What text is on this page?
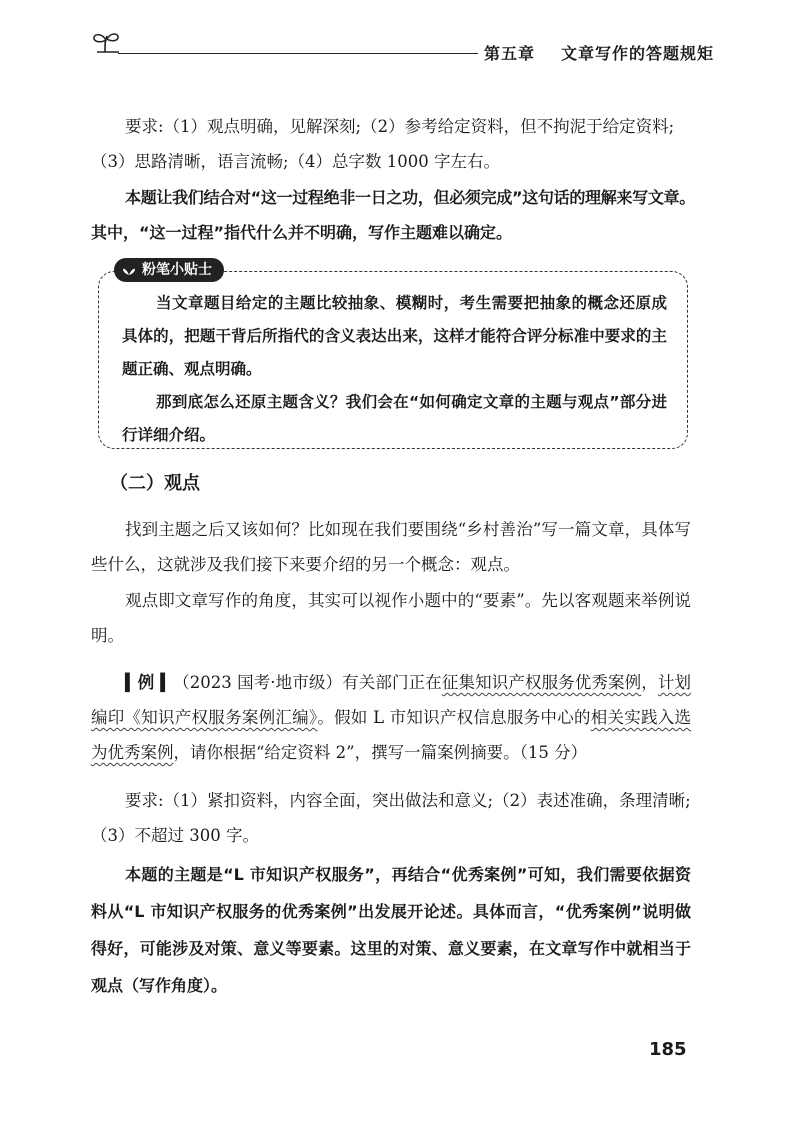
第五章 文章写作的答题规矩
要求:（1）观点明确，见解深刻;（2）参考给定资料，但不拘泥于给定资料;
（3）思路清晰，语言流畅;（4）总字数 1000 字左右。
本题让我们结合对“这一过程绝非一日之功，但必须完成”这句话的理解来写文章。
其中，“这一过程”指代什么并不明确，写作主题难以确定。
粉笔小贴士
当文章题目给定的主题比较抽象、模糊时，考生需要把抽象的概念还原成具体的，把题干背后所指代的含义表达出来，这样才能符合评分标准中要求的主题正确、观点明确。
那到底怎么还原主题含义？我们会在“如何确定文章的主题与观点”部分进行详细介绍。
（二）观点
找到主题之后又该如何？比如现在我们要围绕“乡村善治”写一篇文章，具体写些什么，这就涉及我们接下来要介绍的另一个概念：观点。
观点即文章写作的角度，其实可以视作小题中的“要素”。先以客观题来举例说明。
▍例 ▍（2023 国考·地市级）有关部门正在征集知识产权服务优秀案例，计划编印《知识产权服务案例汇编》。假如 L 市知识产权信息服务中心的相关实践入选为优秀案例，请你根据“给定资料 2”，撰写一篇案例摘要。（15 分）
要求:（1）紧扣资料，内容全面，突出做法和意义;（2）表述准确，条理清晰;
（3）不超过 300 字。
本题的主题是“L 市知识产权服务”，再结合“优秀案例”可知，我们需要依据资料从“L 市知识产权服务的优秀案例”出发展开论述。具体而言，“优秀案例”说明做得好，可能涉及对策、意义等要素。这里的对策、意义要素，在文章写作中就相当于观点（写作角度）。
185
